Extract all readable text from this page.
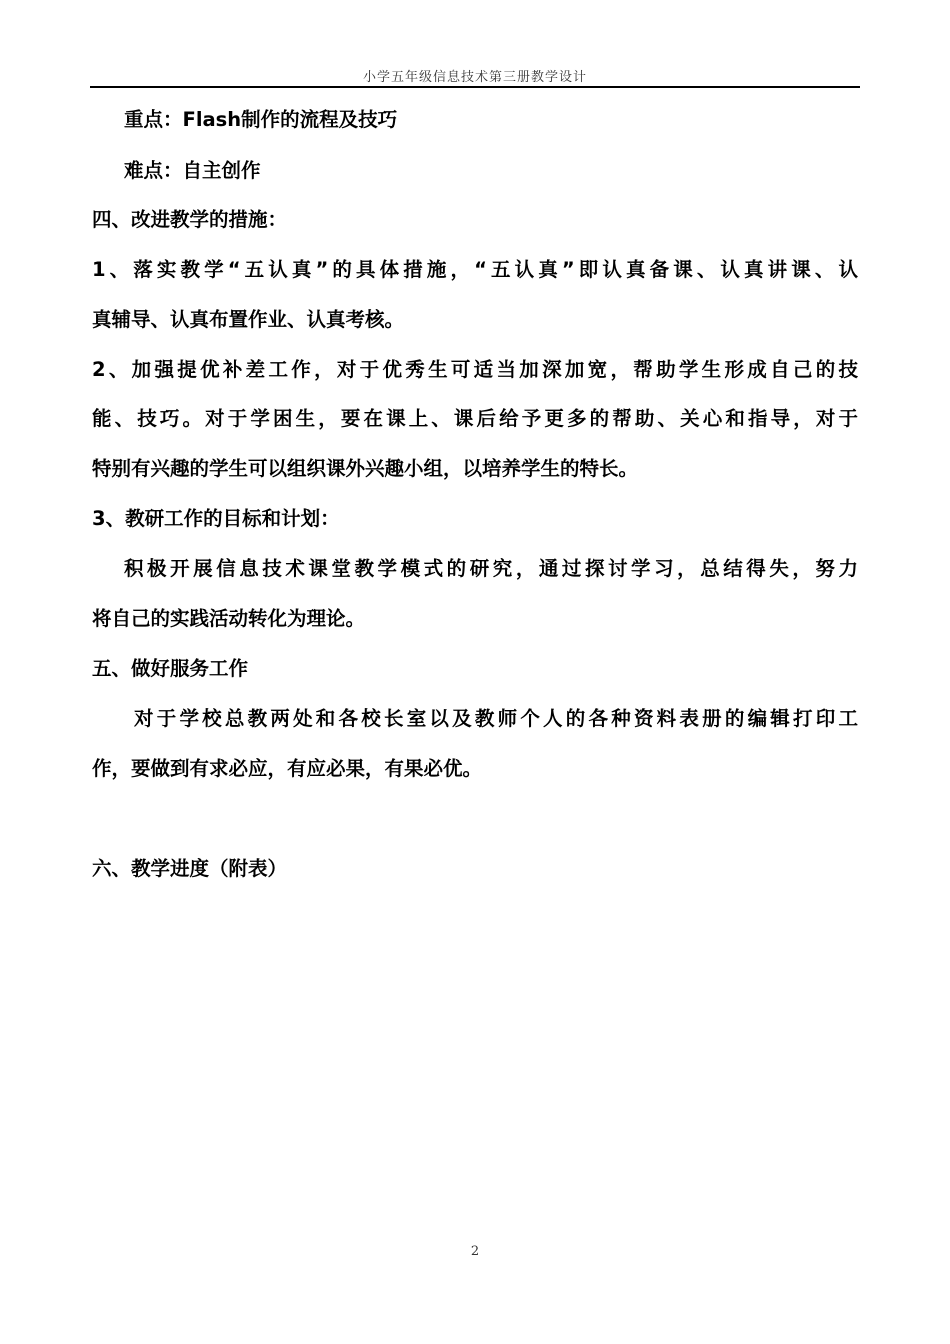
小学五年级信息技术第三册教学设计
重点：Flash制作的流程及技巧
难点：自主创作
四、改进教学的措施：
1、落实教学“五认真”的具体措施，“五认真”即认真备课、认真讲课、认
真辅导、认真布置作业、认真考核。
2、加强提优补差工作，对于优秀生可适当加深加宽，帮助学生形成自己的技
能、技巧。对于学困生，要在课上、课后给予更多的帮助、关心和指导，对于
特别有兴趣的学生可以组织课外兴趣小组，以培养学生的特长。
3、教研工作的目标和计划：
积极开展信息技术课堂教学模式的研究，通过探讨学习，总结得失，努力
将自己的实践活动转化为理论。
五、做好服务工作
对于学校总教两处和各校长室以及教师个人的各种资料表册的编辑打印工
作，要做到有求必应，有应必果，有果必优。
六、教学进度（附表）
2
